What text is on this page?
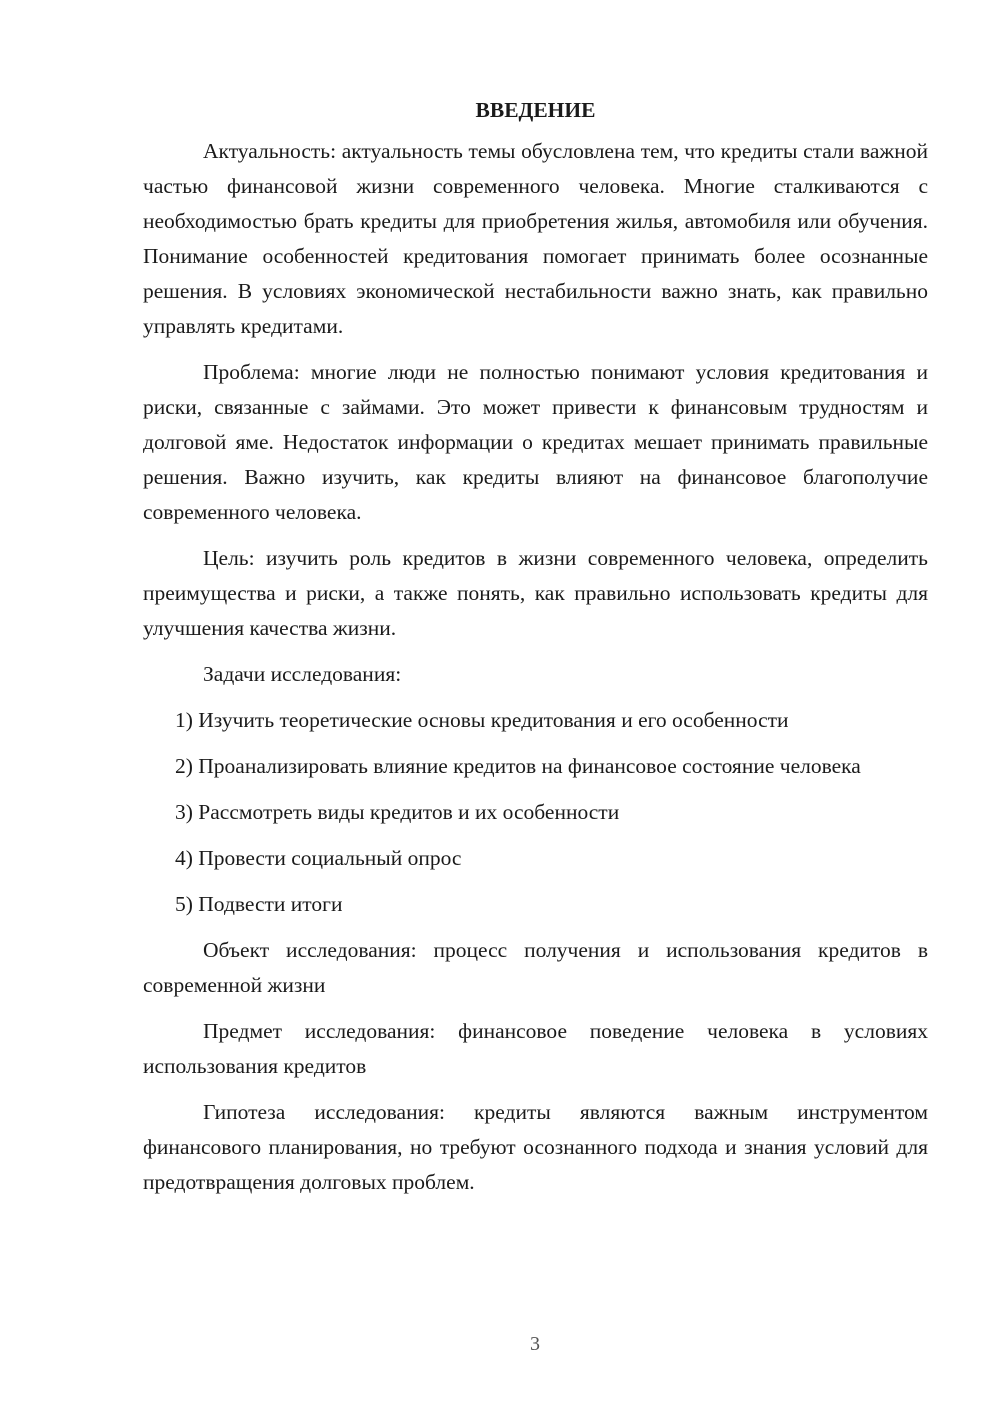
ВВЕДЕНИЕ

Актуальность: актуальность темы обусловлена тем, что кредиты стали важной частью финансовой жизни современного человека. Многие сталкиваются с необходимостью брать кредиты для приобретения жилья, автомобиля или обучения. Понимание особенностей кредитования помогает принимать более осознанные решения. В условиях экономической нестабильности важно знать, как правильно управлять кредитами.

Проблема: многие люди не полностью понимают условия кредитования и риски, связанные с займами. Это может привести к финансовым трудностям и долговой яме. Недостаток информации о кредитах мешает принимать правильные решения. Важно изучить, как кредиты влияют на финансовое благополучие современного человека.

Цель: изучить роль кредитов в жизни современного человека, определить преимущества и риски, а также понять, как правильно использовать кредиты для улучшения качества жизни.

Задачи исследования:

1) Изучить теоретические основы кредитования и его особенности

2) Проанализировать влияние кредитов на финансовое состояние человека

3) Рассмотреть виды кредитов и их особенности

4) Провести социальный опрос

5) Подвести итоги

Объект исследования: процесс получения и использования кредитов в современной жизни

Предмет исследования: финансовое поведение человека в условиях использования кредитов

Гипотеза исследования: кредиты являются важным инструментом финансового планирования, но требуют осознанного подхода и знания условий для предотвращения долговых проблем.

3
